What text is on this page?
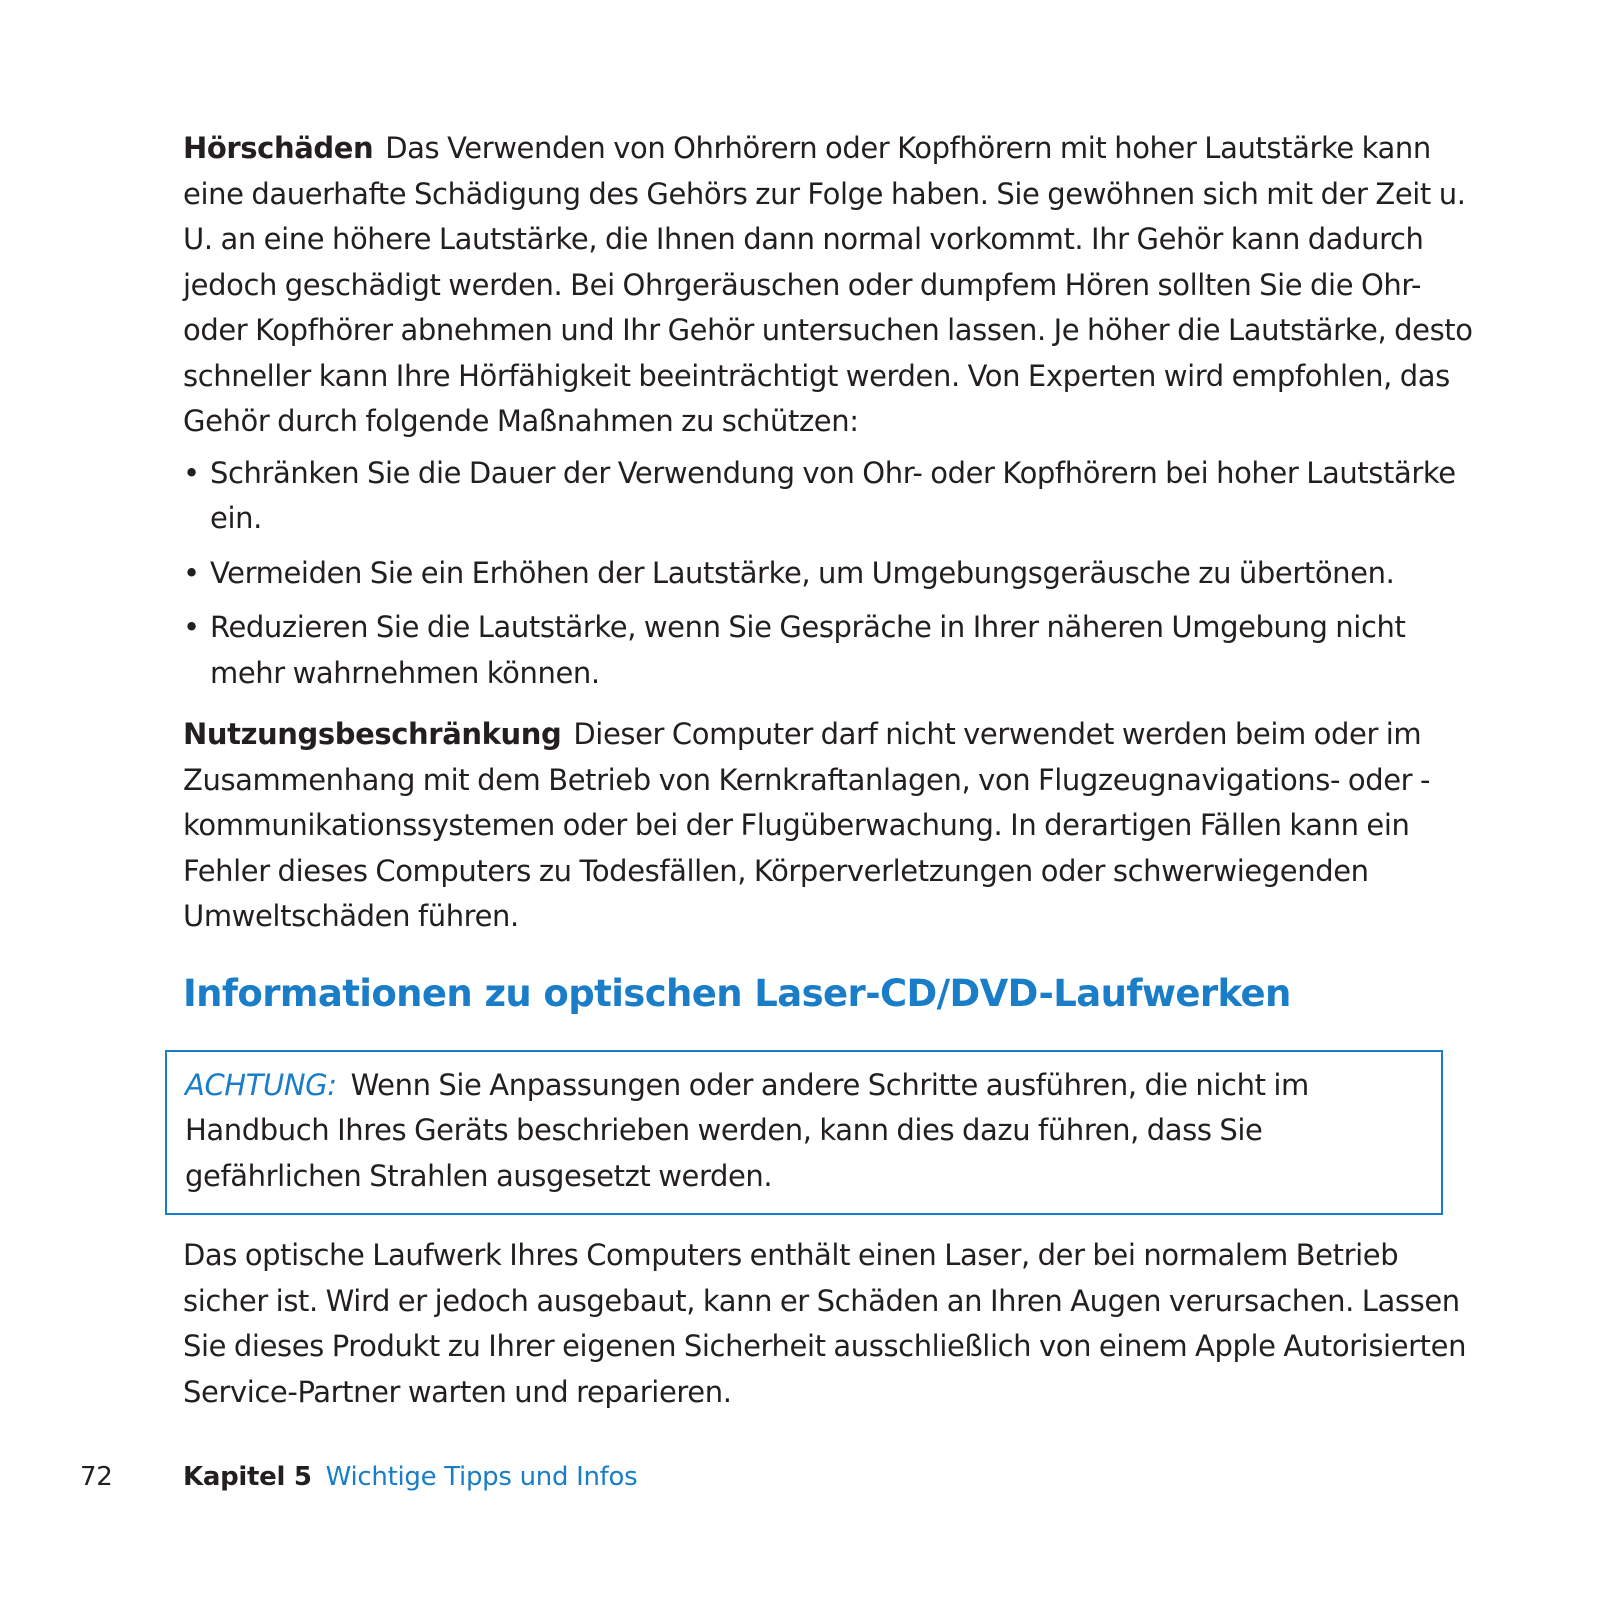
Hörschäden Das Verwenden von Ohrhörern oder Kopfhörern mit hoher Lautstärke kann eine dauerhafte Schädigung des Gehörs zur Folge haben. Sie gewöhnen sich mit der Zeit u. U. an eine höhere Lautstärke, die Ihnen dann normal vorkommt. Ihr Gehör kann dadurch jedoch geschädigt werden. Bei Ohrgeräuschen oder dumpfem Hören sollten Sie die Ohr- oder Kopfhörer abnehmen und Ihr Gehör untersuchen lassen. Je höher die Lautstärke, desto schneller kann Ihre Hörfähigkeit beeinträchtigt werden. Von Experten wird empfohlen, das Gehör durch folgende Maßnahmen zu schützen:

• Schränken Sie die Dauer der Verwendung von Ohr- oder Kopfhörern bei hoher Lautstärke ein.
• Vermeiden Sie ein Erhöhen der Lautstärke, um Umgebungsgeräusche zu übertönen.
• Reduzieren Sie die Lautstärke, wenn Sie Gespräche in Ihrer näheren Umgebung nicht mehr wahrnehmen können.

Nutzungsbeschränkung Dieser Computer darf nicht verwendet werden beim oder im Zusammenhang mit dem Betrieb von Kernkraftanlagen, von Flugzeugnavigations- oder -kommunikationssystemen oder bei der Flugüberwachung. In derartigen Fällen kann ein Fehler dieses Computers zu Todesfällen, Körperverletzungen oder schwerwiegenden Umweltschäden führen.

Informationen zu optischen Laser-CD/DVD-Laufwerken

ACHTUNG: Wenn Sie Anpassungen oder andere Schritte ausführen, die nicht im Handbuch Ihres Geräts beschrieben werden, kann dies dazu führen, dass Sie gefährlichen Strahlen ausgesetzt werden.

Das optische Laufwerk Ihres Computers enthält einen Laser, der bei normalem Betrieb sicher ist. Wird er jedoch ausgebaut, kann er Schäden an Ihren Augen verursachen. Lassen Sie dieses Produkt zu Ihrer eigenen Sicherheit ausschließlich von einem Apple Autorisierten Service-Partner warten und reparieren.

72	Kapitel 5 Wichtige Tipps und Infos
